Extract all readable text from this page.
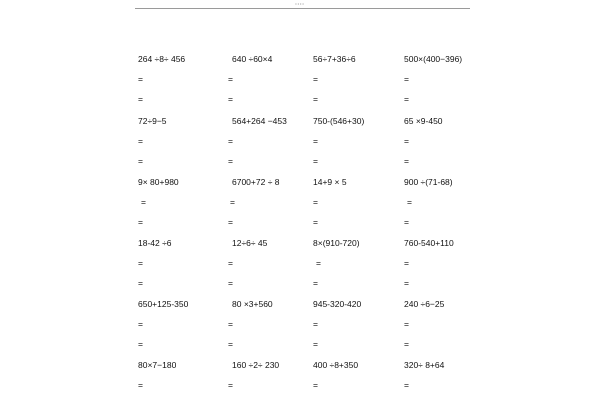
••••
264 ÷8÷ 456
=
=
640 ÷60×4
=
=
56÷7+36÷6
=
=
500×(400−396)
=
=
72÷9−5
=
=
564+264 −453
=
=
750-(546+30)
=
=
65 ×9-450
=
=
9× 80+980
=
=
6700+72 ÷ 8
=
=
14+9 × 5
=
=
900 ÷(71-68)
=
=
18-42 ÷6
=
=
12÷6÷ 45
=
=
8×(910-720)
=
=
760-540+110
=
=
650+125-350
=
=
80 ×3+560
=
=
945-320-420
=
=
240 ÷6−25
=
=
80×7−180
=
160 ÷2÷ 230
=
400 ÷8+350
=
320÷ 8+64
=
